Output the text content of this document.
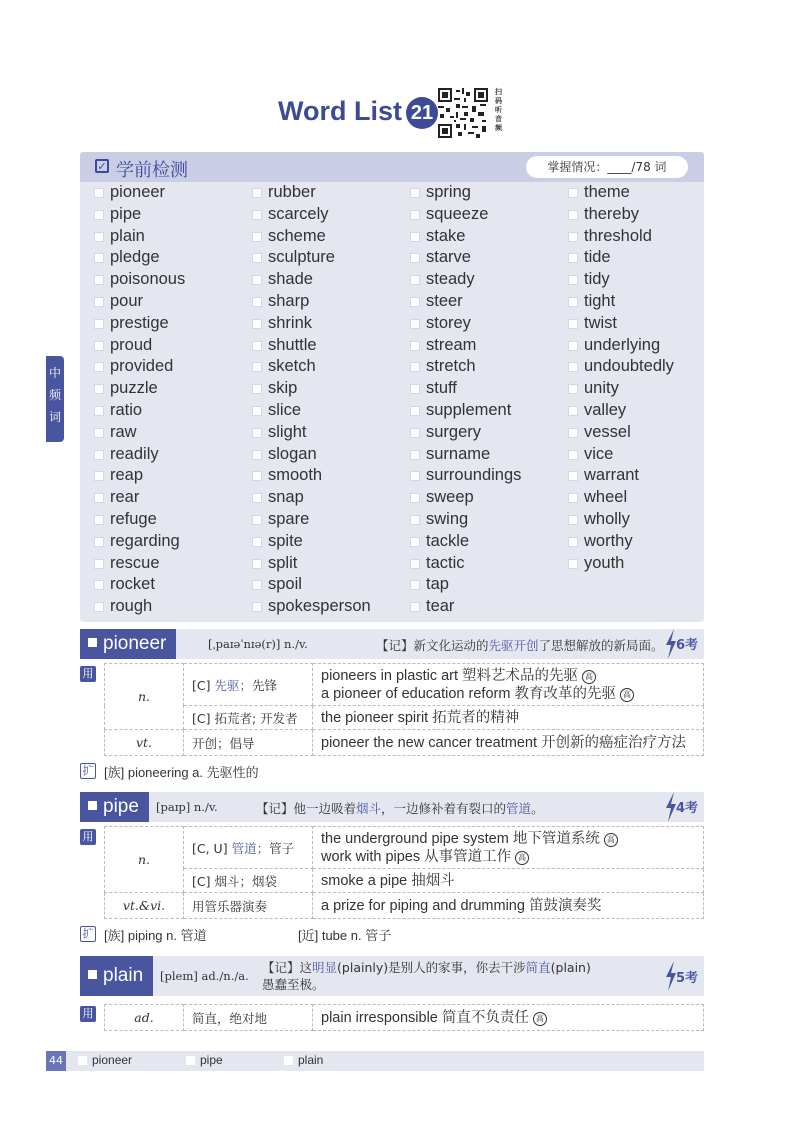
Word List 21
扫码听音频
中频词
✓ 学前检测	掌握情况：____/78 词
pioneer
pipe
plain
pledge
poisonous
pour
prestige
proud
provided
puzzle
ratio
raw
readily
reap
rear
refuge
regarding
rescue
rocket
rough
rubber
scarcely
scheme
sculpture
shade
sharp
shrink
shuttle
sketch
skip
slice
slight
slogan
smooth
snap
spare
spite
split
spoil
spokesperson
spring
squeeze
stake
starve
steady
steer
storey
stream
stretch
stuff
supplement
surgery
surname
surroundings
sweep
swing
tackle
tactic
tap
tear
theme
thereby
threshold
tide
tidy
tight
twist
underlying
undoubtedly
unity
valley
vessel
vice
warrant
wheel
wholly
worthy
youth
pioneer	[ˌpaɪəˈnɪə(r)] n./v.	【记】新文化运动的先驱开创了思想解放的新局面。 6考
用
n.	[C] 先驱；先锋	pioneers in plastic art 塑料艺术品的先驱 高
a pioneer of education reform 教育改革的先驱 高
	[C] 拓荒者; 开发者	the pioneer spirit 拓荒者的精神
vt.	开创；倡导	pioneer the new cancer treatment 开创新的癌症治疗方法
扩 [族] pioneering a. 先驱性的
pipe	[paɪp] n./v.	【记】他一边吸着烟斗，一边修补着有裂口的管道。	4考
用
n.	[C, U] 管道；管子	the underground pipe system 地下管道系统 高
work with pipes 从事管道工作 高
	[C] 烟斗；烟袋	smoke a pipe 抽烟斗
vt.&vi.	用管乐器演奏	a prize for piping and drumming 笛鼓演奏奖
扩 [族] piping n. 管道	[近] tube n. 管子
plain	[pleɪn] ad./n./a.
【记】这明显(plainly)是别人的家事，你去干涉简直(plain)
愚蠢至极。	5考
用	ad.	简直，绝对地	plain irresponsible 简直不负责任 高
44	pioneer	pipe	plain
